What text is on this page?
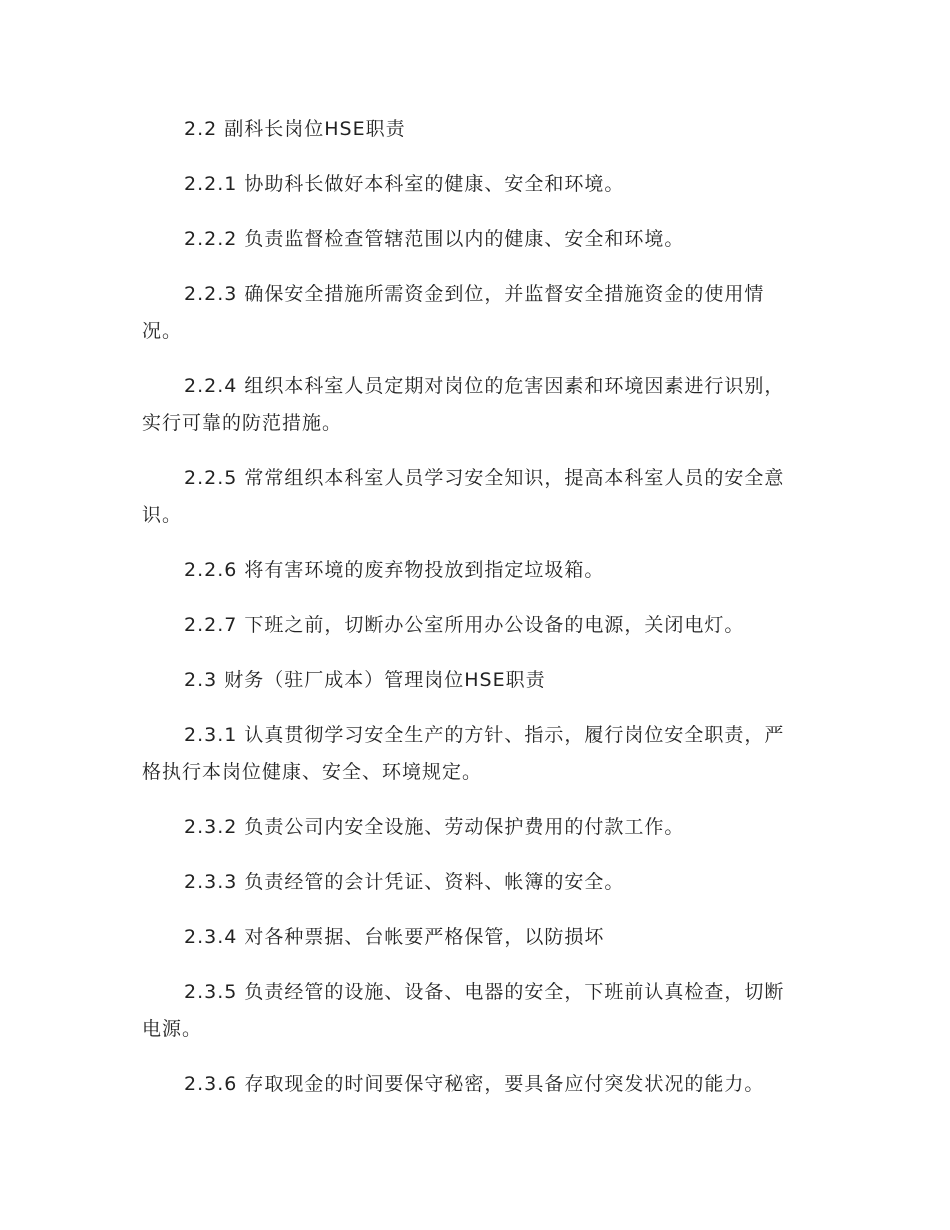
2.2 副科长岗位HSE职责

2.2.1 协助科长做好本科室的健康、安全和环境。

2.2.2 负责监督检查管辖范围以内的健康、安全和环境。

2.2.3 确保安全措施所需资金到位，并监督安全措施资金的使用情况。

2.2.4 组织本科室人员定期对岗位的危害因素和环境因素进行识别，实行可靠的防范措施。

2.2.5 常常组织本科室人员学习安全知识，提高本科室人员的安全意识。

2.2.6 将有害环境的废弃物投放到指定垃圾箱。

2.2.7 下班之前，切断办公室所用办公设备的电源，关闭电灯。

2.3 财务（驻厂成本）管理岗位HSE职责

2.3.1 认真贯彻学习安全生产的方针、指示，履行岗位安全职责，严格执行本岗位健康、安全、环境规定。

2.3.2 负责公司内安全设施、劳动保护费用的付款工作。

2.3.3 负责经管的会计凭证、资料、帐簿的安全。

2.3.4 对各种票据、台帐要严格保管，以防损坏

2.3.5 负责经管的设施、设备、电器的安全，下班前认真检查，切断电源。

2.3.6 存取现金的时间要保守秘密，要具备应付突发状况的能力。
